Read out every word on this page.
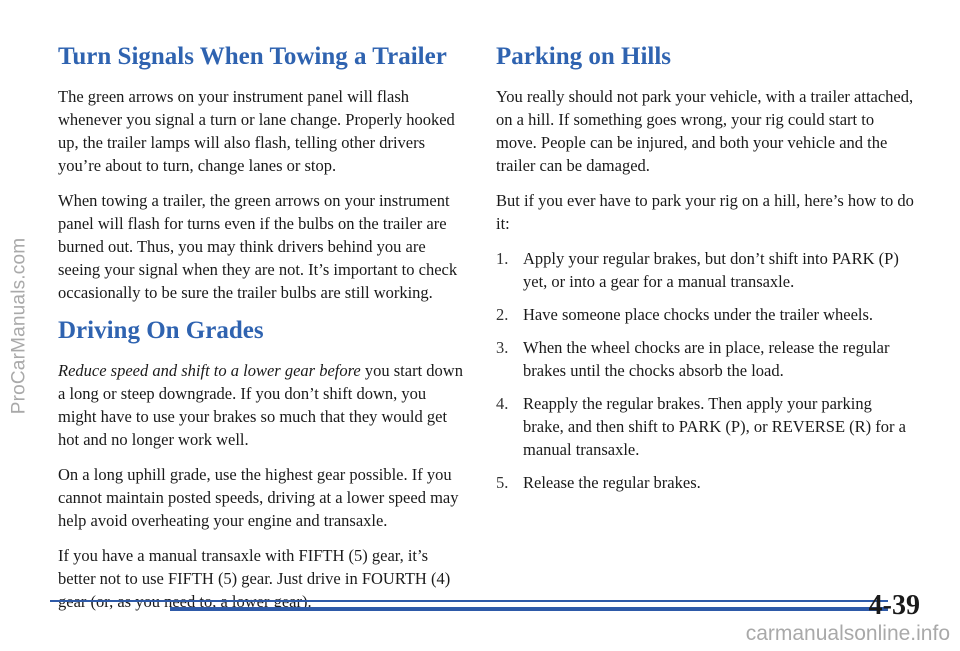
ProCarManuals.com
Turn Signals When Towing a Trailer

The green arrows on your instrument panel will flash whenever you signal a turn or lane change. Properly hooked up, the trailer lamps will also flash, telling other drivers you’re about to turn, change lanes or stop.

When towing a trailer, the green arrows on your instrument panel will flash for turns even if the bulbs on the trailer are burned out. Thus, you may think drivers behind you are seeing your signal when they are not. It’s important to check occasionally to be sure the trailer bulbs are still working.

Driving On Grades

Reduce speed and shift to a lower gear before you start down a long or steep downgrade. If you don’t shift down, you might have to use your brakes so much that they would get hot and no longer work well.

On a long uphill grade, use the highest gear possible. If you cannot maintain posted speeds, driving at a lower speed may help avoid overheating your engine and transaxle.

If you have a manual transaxle with FIFTH (5) gear, it’s better not to use FIFTH (5) gear. Just drive in FOURTH (4)

Parking on Hills

You really should not park your vehicle, with a trailer attached, on a hill. If something goes wrong, your rig could start to move. People can be injured, and both your vehicle and the trailer can be damaged.

But if you ever have to park your rig on a hill, here’s how to do it:

1. Apply your regular brakes, but don’t shift into PARK (P) yet, or into a gear for a manual transaxle.
2. Have someone place chocks under the trailer wheels.
3. When the wheel chocks are in place, release the regular brakes until the chocks absorb the load.
4. Reapply the regular brakes. Then apply your parking brake, and then shift to PARK (P), or REVERSE (R) for a manual transaxle.
5. Release the regular brakes.
4-39
carmanualsonline.info
